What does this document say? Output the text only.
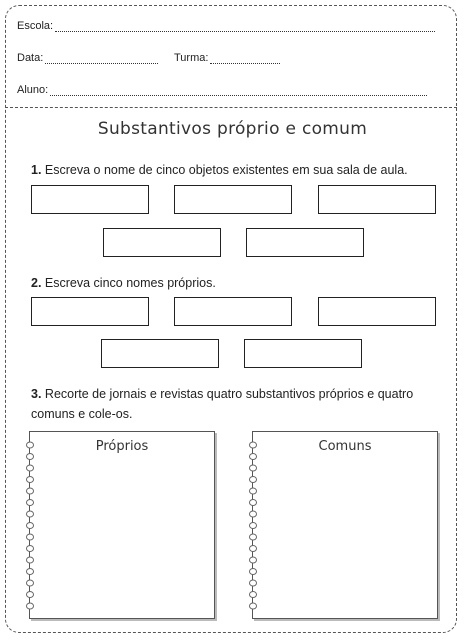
Escola:
Data:	Turma:
Aluno:
Substantivos próprio e comum
1. Escreva o nome de cinco objetos existentes em sua sala de aula.
2. Escreva cinco nomes próprios.
3. Recorte de jornais e revistas quatro substantivos próprios e quatro comuns e cole-os.
Próprios	Comuns
